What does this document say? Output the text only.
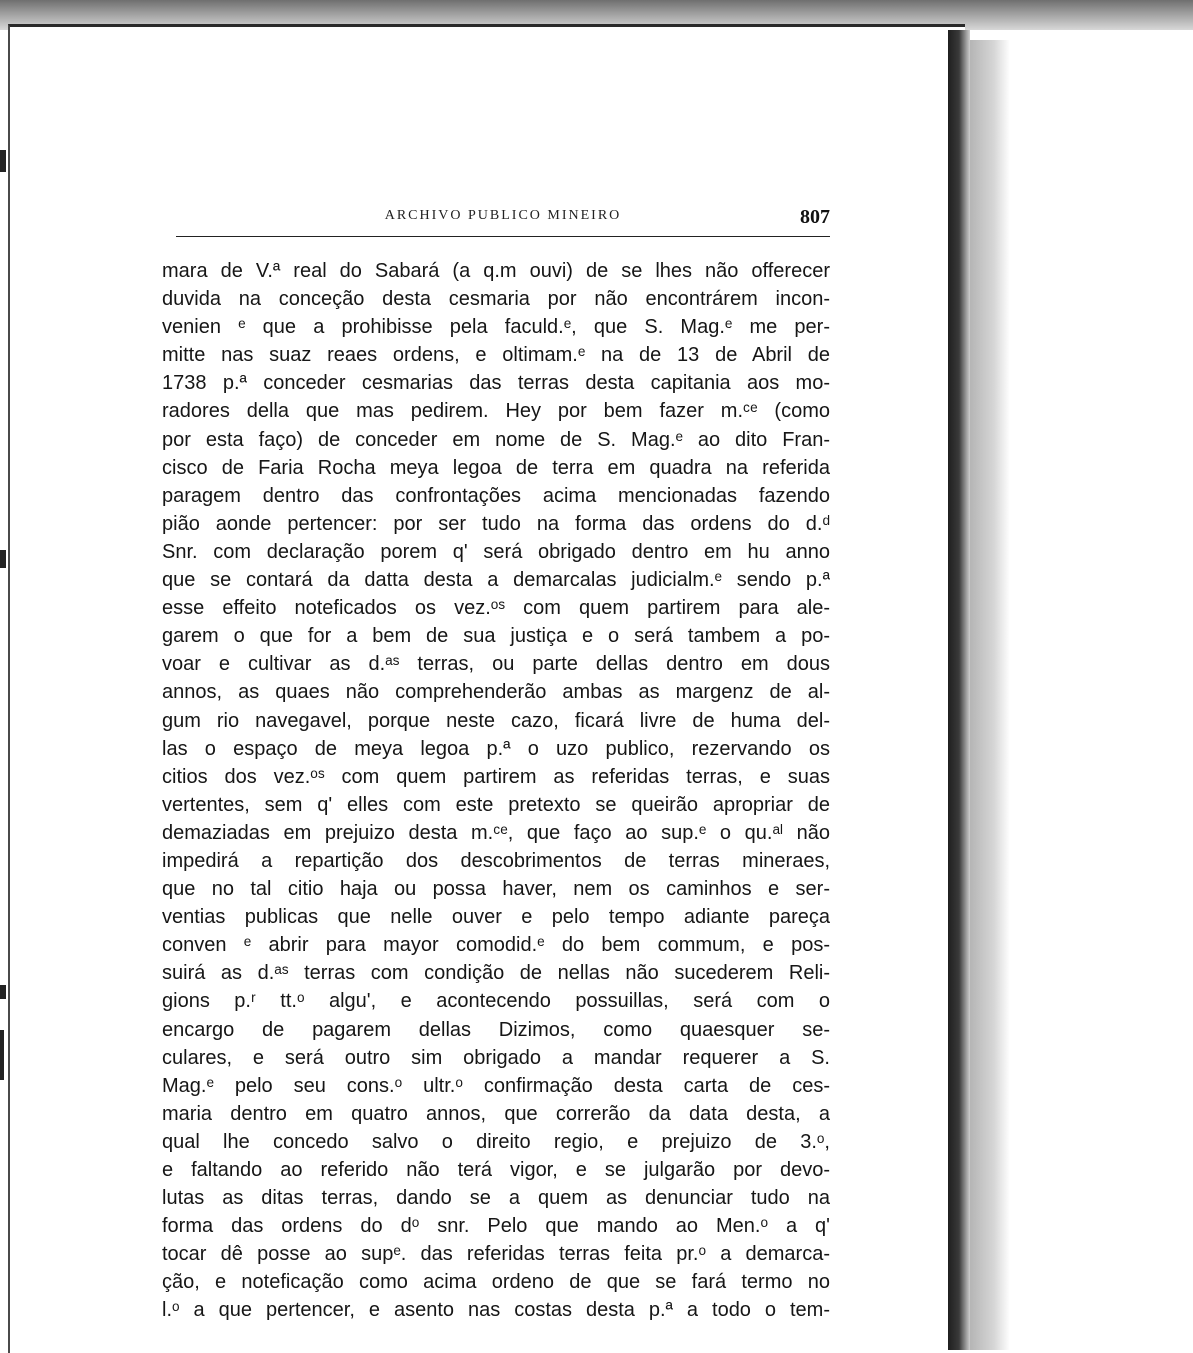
ARCHIVO PUBLICO MINEIRO	807
mara de V.ª real do Sabará (a q.m ouvi) de se lhes não offerecer
duvida na conceção desta cesmaria por não encontrárem incon-
venien ᵉ que a prohibisse pela faculd.ᵉ, que S. Mag.ᵉ me per-
mitte nas suaz reaes ordens, e oltimam.ᵉ na de 13 de Abril de
1738 p.ª conceder cesmarias das terras desta capitania aos mo-
radores della que mas pedirem. Hey por bem fazer m.ᶜᵉ (como
por esta faço) de conceder em nome de S. Mag.ᵉ ao dito Fran-
cisco de Faria Rocha meya legoa de terra em quadra na referida
paragem dentro das confrontações acima mencionadas fazendo
pião aonde pertencer: por ser tudo na forma das ordens do d.ᵈ
Snr. com declaração porem q' será obrigado dentro em hu anno
que se contará da datta desta a demarcalas judicialm.ᵉ sendo p.ª
esse effeito noteficados os vez.ᵒˢ com quem partirem para ale-
garem o que for a bem de sua justiça e o será tambem a po-
voar e cultivar as d.ᵃˢ terras, ou parte dellas dentro em dous
annos, as quaes não comprehenderão ambas as margenz de al-
gum rio navegavel, porque neste cazo, ficará livre de huma del-
las o espaço de meya legoa p.ª o uzo publico, rezervando os
citios dos vez.ᵒˢ com quem partirem as referidas terras, e suas
vertentes, sem q' elles com este pretexto se queirão apropriar de
demaziadas em prejuizo desta m.ᶜᵉ, que faço ao sup.ᵉ o qu.ᵃˡ não
impedirá a repartição dos descobrimentos de terras mineraes,
que no tal citio haja ou possa haver, nem os caminhos e ser-
ventias publicas que nelle ouver e pelo tempo adiante pareça
conven ᵉ abrir para mayor comodid.ᵉ do bem commum, e pos-
suirá as d.ᵃˢ terras com condição de nellas não sucederem Reli-
gions p.ʳ tt.ᵒ algu', e acontecendo possuillas, será com o
encargo de pagarem dellas Dizimos, como quaesquer se-
culares, e será outro sim obrigado a mandar requerer a S.
Mag.ᵉ pelo seu cons.ᵒ ultr.ᵒ confirmação desta carta de ces-
maria dentro em quatro annos, que correrão da data desta, a
qual lhe concedo salvo o direito regio, e prejuizo de 3.ᵒ,
e faltando ao referido não terá vigor, e se julgarão por devo-
lutas as ditas terras, dando se a quem as denunciar tudo na
forma das ordens do dᵒ snr. Pelo que mando ao Men.ᵒ a q'
tocar dê posse ao supᵉ. das referidas terras feita pr.ᵒ a demarca-
ção, e noteficação como acima ordeno de que se fará termo no
l.ᵒ a que pertencer, e asento nas costas desta p.ª a todo o tem-
